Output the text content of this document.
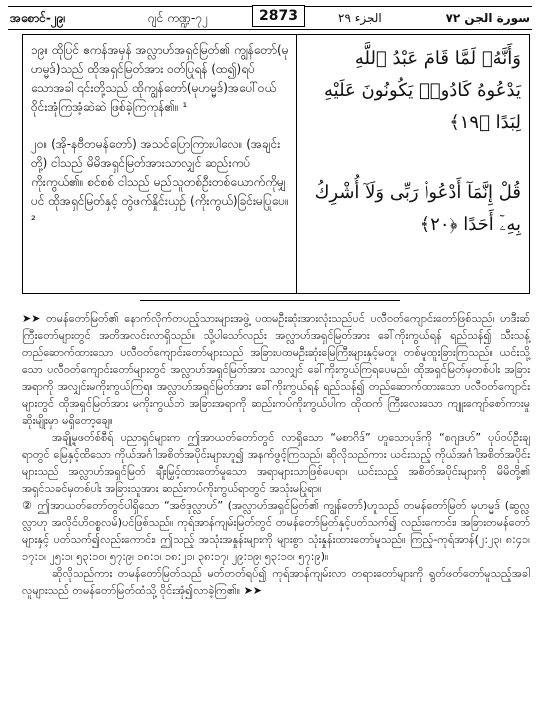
အစောင်-၂၉၊	ဂျင် ကဏ္ဍ-၇၂	2873	الجزء ۲۹	سورة الجن ۷۲

၁၉။ ထိုပြင် ဧကန်အမှန် အလ္လာဟ်အရှင်မြတ်၏ ကျွန်တော်(မုဟမ္မဒ်)သည် ထိုအရှင်မြတ်အား ဝတ်ပြုရန် (ထ၍)ရပ်သောအခါ ၎င်းတို့သည် ထိုကျွန်တော်(မုဟမ္မဒ်)အပေါ်ဝယ် ဝိုင်းအုံကြအံ့ဆဲဆဲ ဖြစ်ခဲ့ကြကုန်၏။ ¹

၂၀။ (အို-နဗီတမန်တော်) အသင်ပြောကြားပါလေ။ (အချင်းတို့) ငါသည် မိမိအရှင်မြတ်အားသာလျှင် ဆည်းကပ်ကိုးကွယ်၏။ စင်စစ် ငါသည် မည်သူတစ်ဦးတစ်ယောက်ကိုမျှပင် ထိုအရှင်မြတ်နှင့် တွဲဖက်နှိုင်းယှဉ် (ကိုးကွယ်)ခြင်းမပြုပေ။ ²

وَأَنَّهُۥ لَمَّا قَامَ عَبْدُ ٱللَّهِ يَدْعُوهُ كَادُوا۟ يَكُونُونَ عَلَيْهِ لِبَدًا ﴿١٩﴾

قُلْ إِنَّمَآ أَدْعُوا۟ رَبِّى وَلَآ أُشْرِكُ بِهِۦٓ أَحَدًا ﴿٢٠﴾

➤➤ တမန်တော်မြတ်၏ နောက်လိုက်တပည့်သားများအဖွဲ့ ပထမဦးဆုံးအားလုံးသည်ပင် ပလီဝတ်ကျောင်းတော်ဖြစ်သည်၊ ဟဒီးဆ်ကြီးတော်များတွင် အတိအလင်းလာရှိသည်။ သို့ပါသော်လည်း အလ္လာဟ်အရှင်မြတ်အား ခေါ်ကိုးကွယ်ရန် ရည်သန်၍ သီးသန့် တည်ဆောက်ထားသော ပလီဝတ်ကျောင်းတော်များသည် အခြားပထမဦးဆုံးမြေကြီးများနှင့်မတူ၊ တစ်မူထူးခြားကြသည်။ ယင်းသို့သော ပလီဝတ်ကျောင်းတော်များတွင် အလ္လာဟ်အရှင်မြတ်အား သာလျှင် ခေါ်ကိုးကွယ်ကြရပေမည်၊ ထိုအရှင်မြတ်မှတစ်ပါး အခြားအရာကို အလျှင်းမကိုးကွယ်ကြရ။ အလ္လာဟ်အရှင်မြတ်အား ခေါ်ကိုးကွယ်ရန် ရည်သန်၍ တည်ဆောက်ထားသော ပလီဝတ်ကျောင်းများတွင် ထိုအရှင်မြတ်အား မကိုးကွယ်ဘဲ အခြားအရာကို ဆည်းကပ်ကိုးကွယ်ပါက ထိုထက် ကြီးလေးသော ကျူးကျော်စော်ကားမှု ဆိုးမျိုးမှာ မရှိတော့ချေ။

အချို့မုဖတ်စ်စီရ် ပညာရှင်များက ဤအာယတ်တော်တွင် လာရှိသော “မစာဂိဒ်” ဟူသောပုဒ်ကို “စဂျဒဟ်” ပုပ်ဝပ်ဦးချရာတွင် မြေနှင့်ထိသော ကိုယ်အင်္ဂါအစိတ်အပိုင်းများဟူ၍ အနက်ဖွင့်ကြသည်၊ ဆိုလိုသည်ကား ယင်းသည့် ကိုယ်အင်္ဂါအစိတ်အပိုင်းများသည် အလ္လာဟ်အရှင်မြတ် ချီးမြှင့်ထားတော်မူသော အရာများသာဖြစ်ပေရာ၊ ယင်းသည့် အစိတ်အပိုင်းများကို မိမိတို့၏ အရှင်သခင်မှတစ်ပါး အခြားသူအား ဆည်းကပ်ကိုးကွယ်ရာတွင် အသုံးမပြုရာ။

② ဤအာယတ်တော်တွင်ပါရှိသော “အဗ်ဒုလ္လာဟ်” (အလ္လာဟ်အရှင်မြတ်၏ ကျွန်တော်)ဟူသည် တမန်တော်မြတ် မုဟမ္မဒ် (ဆွလ္လလ္လာဟု အလိုင်ဟိဝစ္စလမ်)ပင်ဖြစ်သည်။ ကုရ်အာန်ကျမ်းမြတ်တွင် တမန်တော်မြတ်နှင့်ပတ်သက်၍ လည်းကောင်း၊ အခြားတမန်တော်များနှင့် ပတ်သက်၍လည်းကောင်း၊ ဤသည့် အသုံးအနှုန်းများကို များစွာ သုံးနှုန်းထားတော်မူသည်။ ကြည့်-ကုရ်အာန်(၂:၂၃၊ ၈:၄၁၊ ၁၇:၁၊ ၂၅:၁၊ ၅၃:၁၀၊ ၅၇:၉၊ ၁၈:၁၊ ၁၈:၂၁၊ ၃၈:၁၇၊ ၂၉:၁၉၊ ၅၃:၁၀၊ ၅၇:၉)။

ဆိုလိုသည်ကား တမန်တော်မြတ်သည် မတ်တတ်ရပ်၍ ကုရ်အာန်ကျမ်းလာ တရားတော်များကို ရွတ်ဖတ်တော်မူသည့်အခါ လူများသည် တမန်တော်မြတ်ထံသို့ ဝိုင်းအုံ၍လာခဲ့ကြ၏။ ➤➤
